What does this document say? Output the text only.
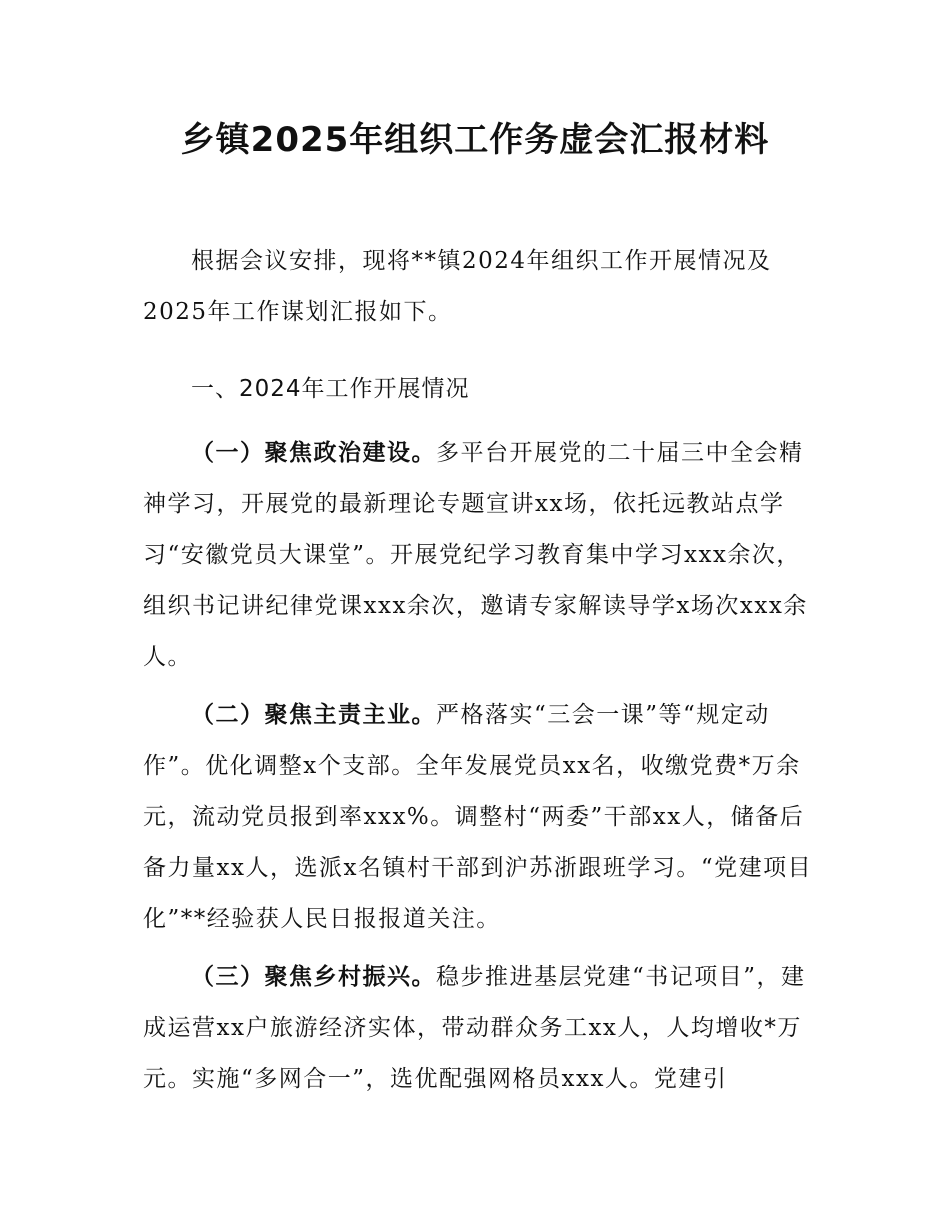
乡镇2025年组织工作务虚会汇报材料

根据会议安排，现将**镇2024年组织工作开展情况及2025年工作谋划汇报如下。

一、2024年工作开展情况

（一）聚焦政治建设。多平台开展党的二十届三中全会精神学习，开展党的最新理论专题宣讲xx场，依托远教站点学习“安徽党员大课堂”。开展党纪学习教育集中学习xxx余次，组织书记讲纪律党课xxx余次，邀请专家解读导学x场次xxx余人。

（二）聚焦主责主业。严格落实“三会一课”等“规定动作”。优化调整x个支部。全年发展党员xx名，收缴党费*万余元，流动党员报到率xxx%。调整村“两委”干部xx人，储备后备力量xx人，选派x名镇村干部到沪苏浙跟班学习。“党建项目化”**经验获人民日报报道关注。

（三）聚焦乡村振兴。稳步推进基层党建“书记项目”，建成运营xx户旅游经济实体，带动群众务工xx人，人均增收*万元。实施“多网合一”，选优配强网格员xxx人。党建引
